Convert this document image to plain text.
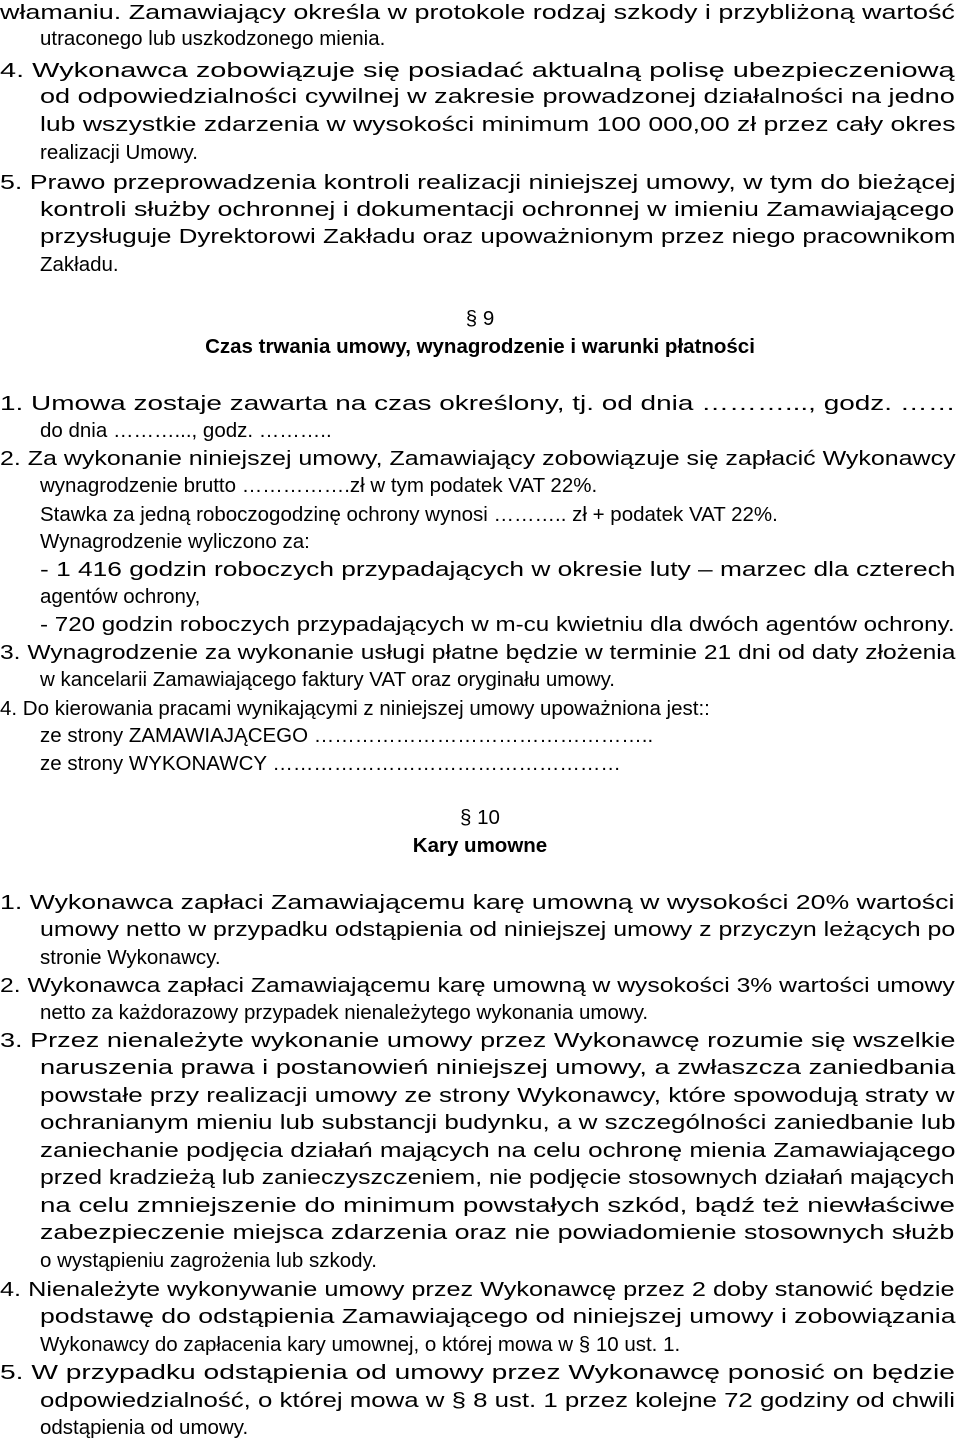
włamaniu. Zamawiający określa w protokole rodzaj szkody i przybliżoną wartość
utraconego lub uszkodzonego mienia.
4. Wykonawca zobowiązuje się posiadać aktualną polisę ubezpieczeniową
od odpowiedzialności cywilnej w zakresie prowadzonej działalności na jedno
lub wszystkie zdarzenia w wysokości minimum 100 000,00 zł przez cały okres
realizacji Umowy.
5. Prawo przeprowadzenia kontroli realizacji niniejszej umowy, w tym do bieżącej
kontroli służby ochronnej i dokumentacji ochronnej w imieniu Zamawiającego
przysługuje Dyrektorowi Zakładu oraz upoważnionym przez niego pracownikom
Zakładu.
§ 9
Czas trwania umowy, wynagrodzenie i warunki płatności
1. Umowa zostaje zawarta na czas określony, tj. od dnia ………..., godz. ……
do dnia ………..., godz. ………..
2. Za wykonanie niniejszej umowy, Zamawiający zobowiązuje się zapłacić Wykonawcy
wynagrodzenie brutto …………….zł w tym podatek VAT 22%.
Stawka za jedną roboczogodzinę ochrony wynosi ……….. zł + podatek VAT 22%.
Wynagrodzenie wyliczono za:
- 1 416 godzin roboczych przypadających w okresie luty – marzec dla czterech
agentów ochrony,
- 720 godzin roboczych przypadających w m-cu kwietniu dla dwóch agentów ochrony.
3. Wynagrodzenie za wykonanie usługi płatne będzie w terminie 21 dni od daty złożenia
w kancelarii Zamawiającego faktury VAT oraz oryginału umowy.
4. Do kierowania pracami wynikającymi z niniejszej umowy upoważniona jest::
ze strony ZAMAWIAJĄCEGO …………………………………………..
ze strony WYKONAWCY ……………………………………………
§ 10
Kary umowne
1. Wykonawca zapłaci Zamawiającemu karę umowną w wysokości 20% wartości
umowy netto w przypadku odstąpienia od niniejszej umowy z przyczyn leżących po
stronie Wykonawcy.
2. Wykonawca zapłaci Zamawiającemu karę umowną w wysokości 3% wartości umowy
netto za każdorazowy przypadek nienależytego wykonania umowy.
3. Przez nienależyte wykonanie umowy przez Wykonawcę rozumie się wszelkie
naruszenia prawa i postanowień niniejszej umowy, a zwłaszcza zaniedbania
powstałe przy realizacji umowy ze strony Wykonawcy, które spowodują straty w
ochranianym mieniu lub substancji budynku, a w szczególności zaniedbanie lub
zaniechanie podjęcia działań mających na celu ochronę mienia Zamawiającego
przed kradzieżą lub zanieczyszczeniem, nie podjęcie stosownych działań mających
na celu zmniejszenie do minimum powstałych szkód, bądź też niewłaściwe
zabezpieczenie miejsca zdarzenia oraz nie powiadomienie stosownych służb
o wystąpieniu zagrożenia lub szkody.
4. Nienależyte wykonywanie umowy przez Wykonawcę przez 2 doby stanowić będzie
podstawę do odstąpienia Zamawiającego od niniejszej umowy i zobowiązania
Wykonawcy do zapłacenia kary umownej, o której mowa w § 10 ust. 1.
5. W przypadku odstąpienia od umowy przez Wykonawcę ponosić on będzie
odpowiedzialność, o której mowa w § 8 ust. 1 przez kolejne 72 godziny od chwili
odstąpienia od umowy.
